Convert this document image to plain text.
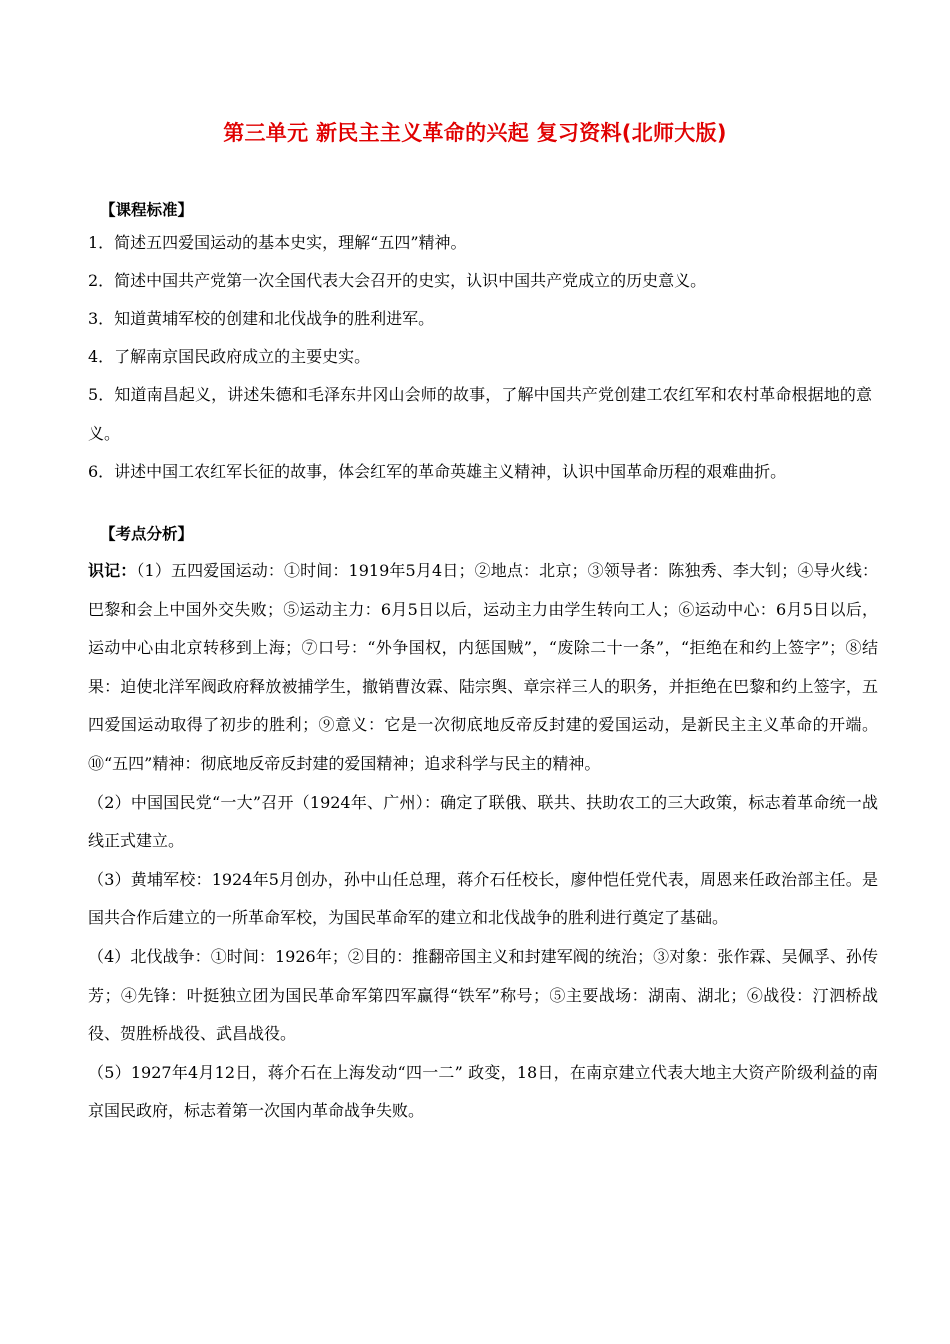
第三单元 新民主主义革命的兴起 复习资料(北师大版)

【课程标准】

1．简述五四爱国运动的基本史实，理解“五四”精神。

2．简述中国共产党第一次全国代表大会召开的史实，认识中国共产党成立的历史意义。

3．知道黄埔军校的创建和北伐战争的胜利进军。

4．了解南京国民政府成立的主要史实。

5．知道南昌起义，讲述朱德和毛泽东井冈山会师的故事，了解中国共产党创建工农红军和农村革命根据地的意义。

6．讲述中国工农红军长征的故事，体会红军的革命英雄主义精神，认识中国革命历程的艰难曲折。

【考点分析】

识记：（1）五四爱国运动：①时间：1919年5月4日；②地点：北京；③领导者：陈独秀、李大钊；④导火线：巴黎和会上中国外交失败；⑤运动主力：6月5日以后，运动主力由学生转向工人；⑥运动中心：6月5日以后，运动中心由北京转移到上海；⑦口号：“外争国权，内惩国贼”，“废除二十一条”，“拒绝在和约上签字”；⑧结果：迫使北洋军阀政府释放被捕学生，撤销曹汝霖、陆宗舆、章宗祥三人的职务，并拒绝在巴黎和约上签字，五四爱国运动取得了初步的胜利；⑨意义：它是一次彻底地反帝反封建的爱国运动，是新民主主义革命的开端。⑩“五四”精神：彻底地反帝反封建的爱国精神；追求科学与民主的精神。

（2）中国国民党“一大”召开（1924年、广州）：确定了联俄、联共、扶助农工的三大政策，标志着革命统一战线正式建立。

（3）黄埔军校：1924年5月创办，孙中山任总理，蒋介石任校长，廖仲恺任党代表，周恩来任政治部主任。是国共合作后建立的一所革命军校，为国民革命军的建立和北伐战争的胜利进行奠定了基础。

（4）北伐战争：①时间：1926年；②目的：推翻帝国主义和封建军阀的统治；③对象：张作霖、吴佩孚、孙传芳；④先锋：叶挺独立团为国民革命军第四军赢得“铁军”称号；⑤主要战场：湖南、湖北；⑥战役：汀泗桥战役、贺胜桥战役、武昌战役。

（5）1927年4月12日，蒋介石在上海发动“四一二” 政变，18日，在南京建立代表大地主大资产阶级利益的南京国民政府，标志着第一次国内革命战争失败。
